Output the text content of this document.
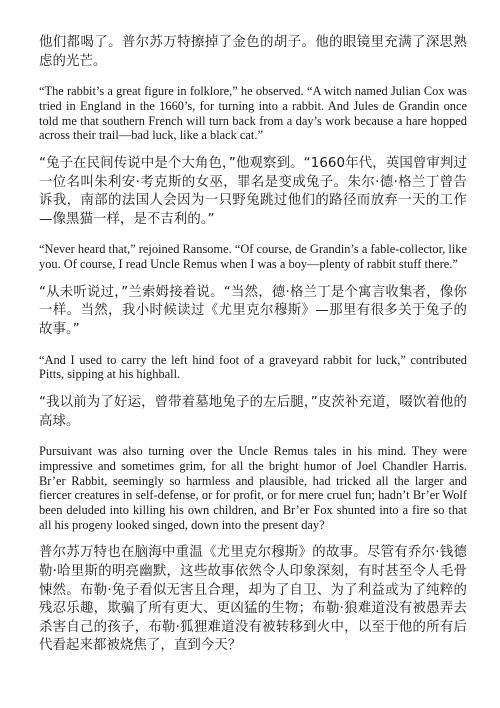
他们都喝了。普尔苏万特擦掉了金色的胡子。他的眼镜里充满了深思熟虑的光芒。

“The rabbit’s a great figure in folklore,” he observed. “A witch named Julian Cox was tried in England in the 1660’s, for turning into a rabbit. And Jules de Grandin once told me that southern French will turn back from a day’s work because a hare hopped across their trail—bad luck, like a black cat.”

“兔子在民间传说中是个大角色，”他观察到。“1660年代，英国曾审判过一位名叫朱利安·考克斯的女巫，罪名是变成兔子。朱尔·德·格兰丁曾告诉我，南部的法国人会因为一只野兔跳过他们的路径而放弃一天的工作—像黑猫一样，是不吉利的。”

“Never heard that,” rejoined Ransome. “Of course, de Grandin’s a fable-collector, like you. Of course, I read Uncle Remus when I was a boy—plenty of rabbit stuff there.”

“从未听说过，”兰索姆接着说。“当然，德·格兰丁是个寓言收集者，像你一样。当然，我小时候读过《尤里克尔穆斯》—那里有很多关于兔子的故事。”

“And I used to carry the left hind foot of a graveyard rabbit for luck,” contributed Pitts, sipping at his highball.

“我以前为了好运，曾带着墓地兔子的左后腿，”皮茨补充道，啜饮着他的高球。

Pursuivant was also turning over the Uncle Remus tales in his mind. They were impressive and sometimes grim, for all the bright humor of Joel Chandler Harris. Br’er Rabbit, seemingly so harmless and plausible, had tricked all the larger and fiercer creatures in self-defense, or for profit, or for mere cruel fun; hadn’t Br’er Wolf been deluded into killing his own children, and Br’er Fox shunted into a fire so that all his progeny looked singed, down into the present day?

普尔苏万特也在脑海中重温《尤里克尔穆斯》的故事。尽管有乔尔·钱德勒·哈里斯的明亮幽默，这些故事依然令人印象深刻，有时甚至令人毛骨悚然。布勒·兔子看似无害且合理，却为了自卫、为了利益或为了纯粹的残忍乐趣，欺骗了所有更大、更凶猛的生物；布勒·狼难道没有被愚弄去杀害自己的孩子，布勒·狐狸难道没有被转移到火中，以至于他的所有后代看起来都被烧焦了，直到今天？
